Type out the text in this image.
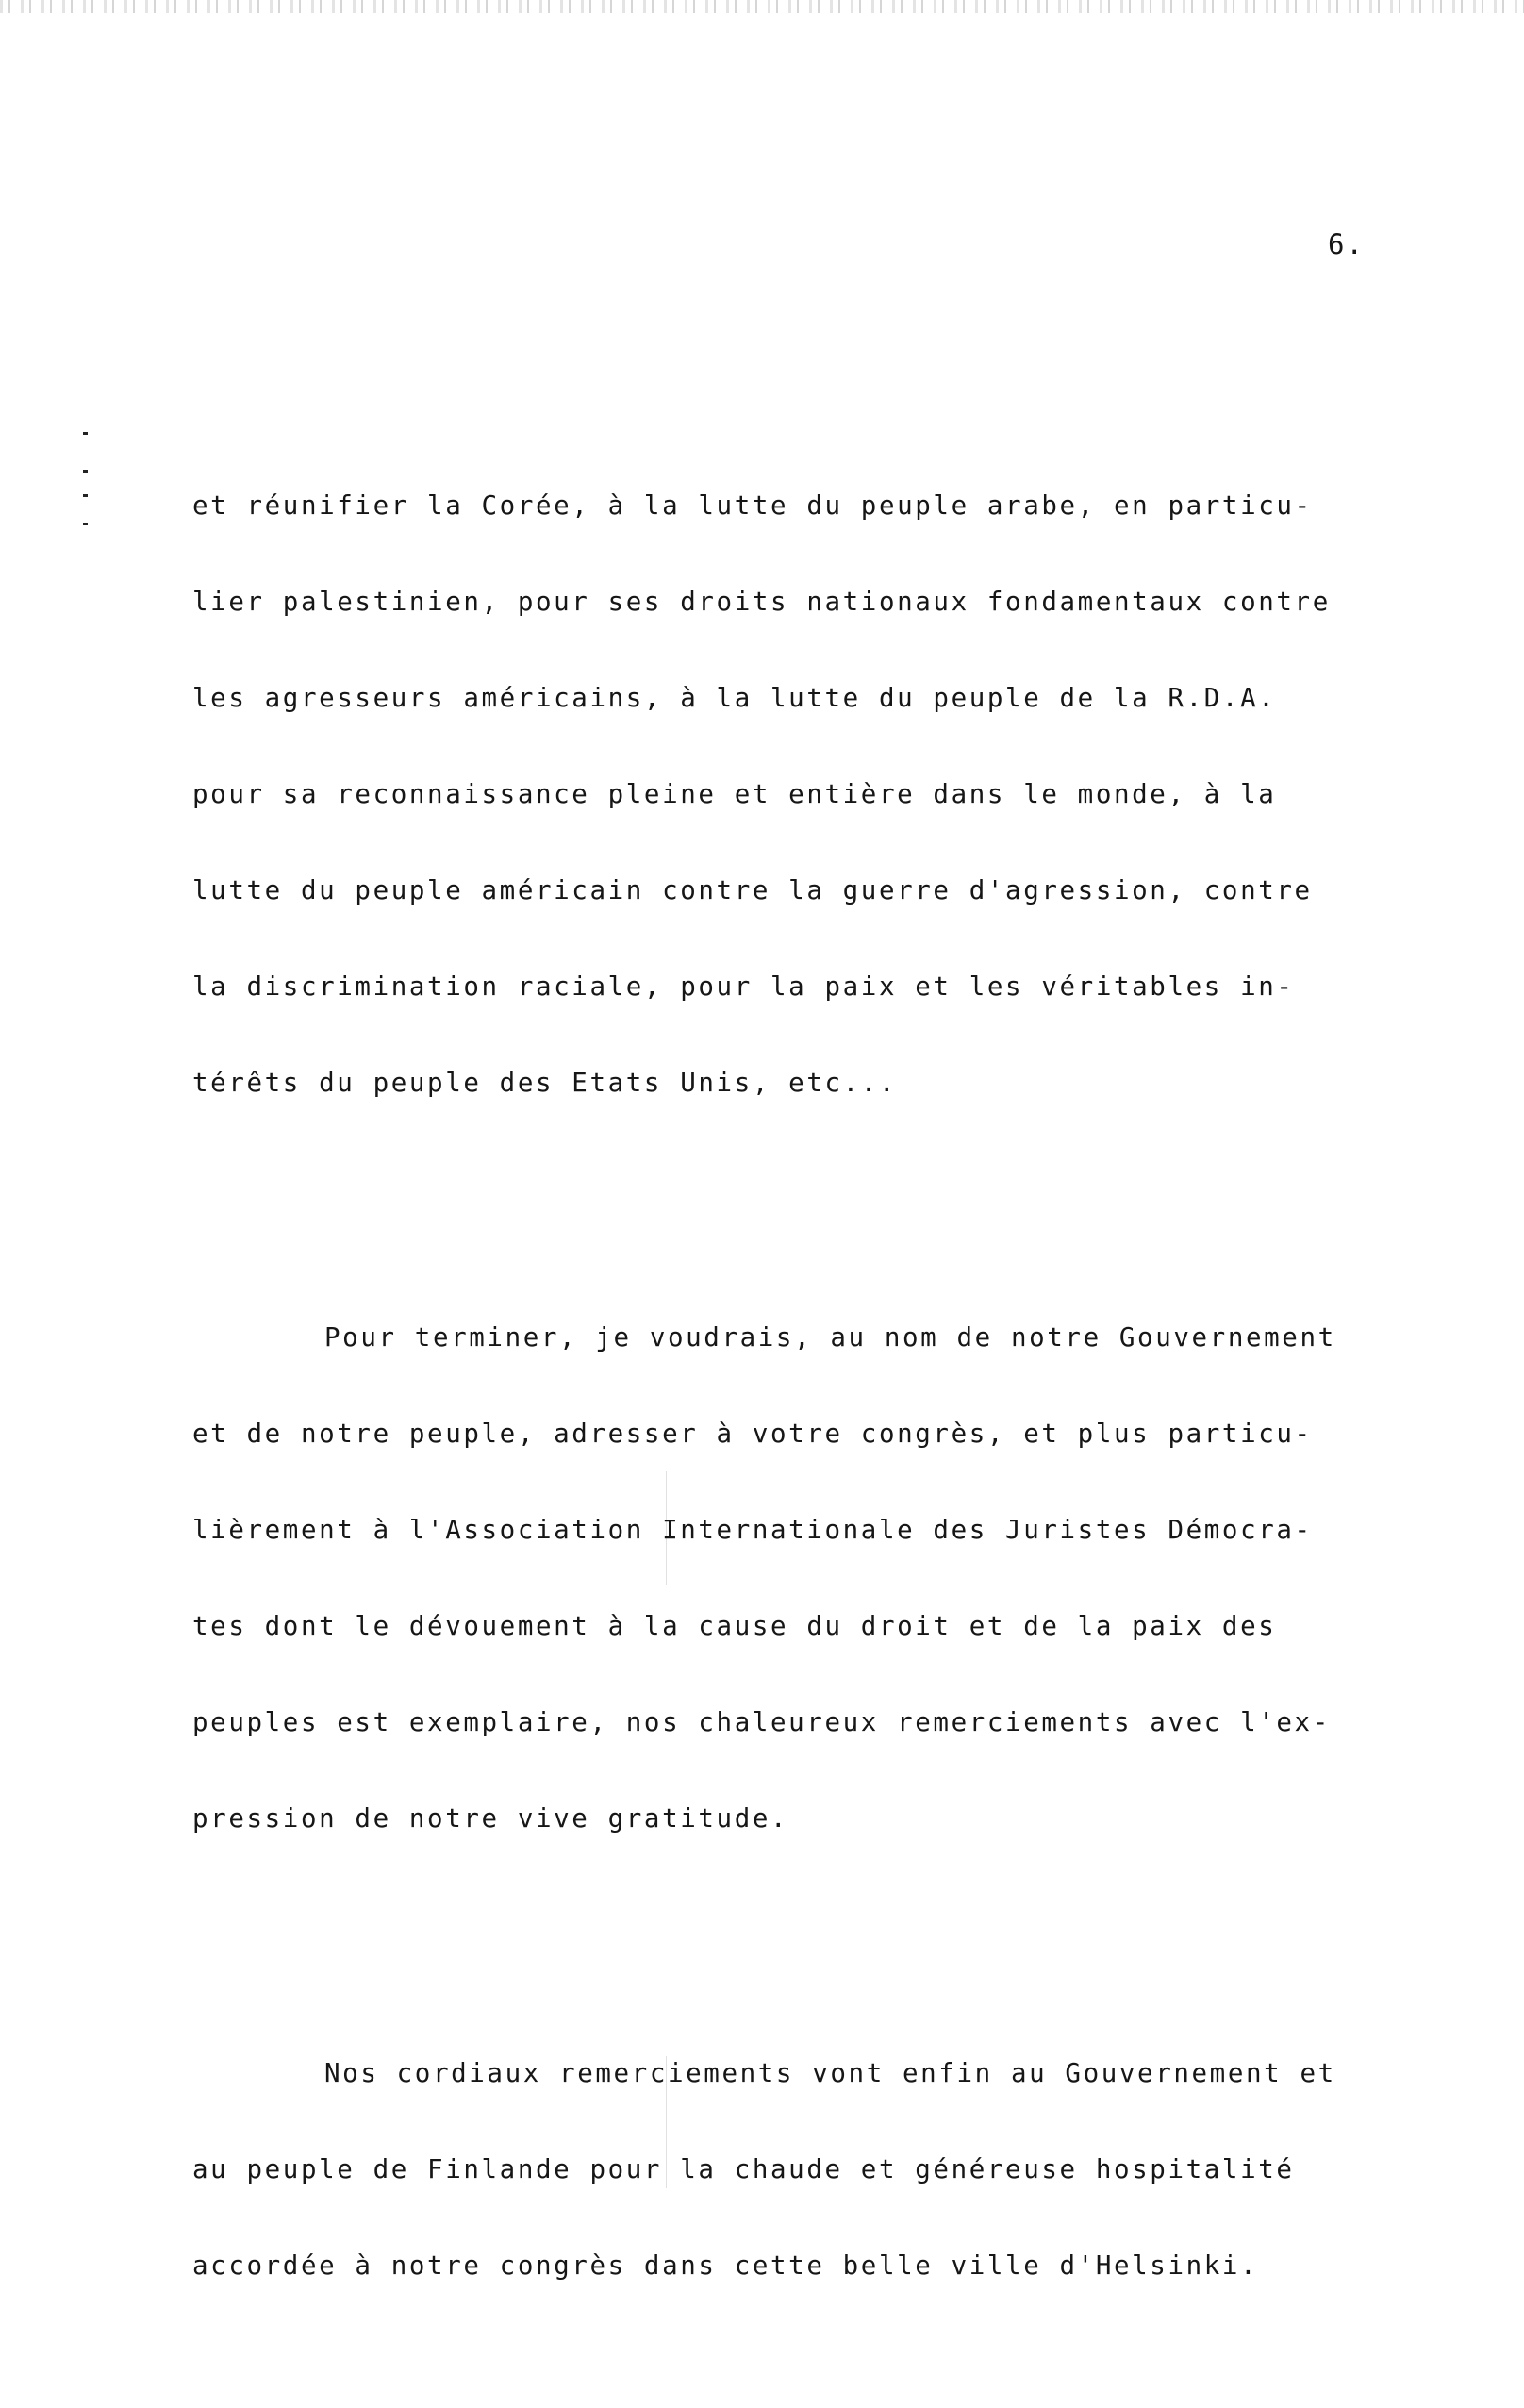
6.

et réunifier la Corée, à la lutte du peuple arabe, en particu-

lier palestinien, pour ses droits nationaux fondamentaux contre

les agresseurs américains, à la lutte du peuple de la R.D.A.

pour sa reconnaissance pleine et entière dans le monde, à la

lutte du peuple américain contre la guerre d'agression, contre

la discrimination raciale, pour la paix et les véritables in-

térêts du peuple des Etats Unis, etc...

Pour terminer, je voudrais, au nom de notre Gouvernement

et de notre peuple, adresser à votre congrès, et plus particu-

lièrement à l'Association Internationale des Juristes Démocra-

tes dont le dévouement à la cause du droit et de la paix des

peuples est exemplaire, nos chaleureux remerciements avec l'ex-

pression de notre vive gratitude.

Nos cordiaux remerciements vont enfin au Gouvernement et

au peuple de Finlande pour la chaude et généreuse hospitalité

accordée à notre congrès dans cette belle ville d'Helsinki.
